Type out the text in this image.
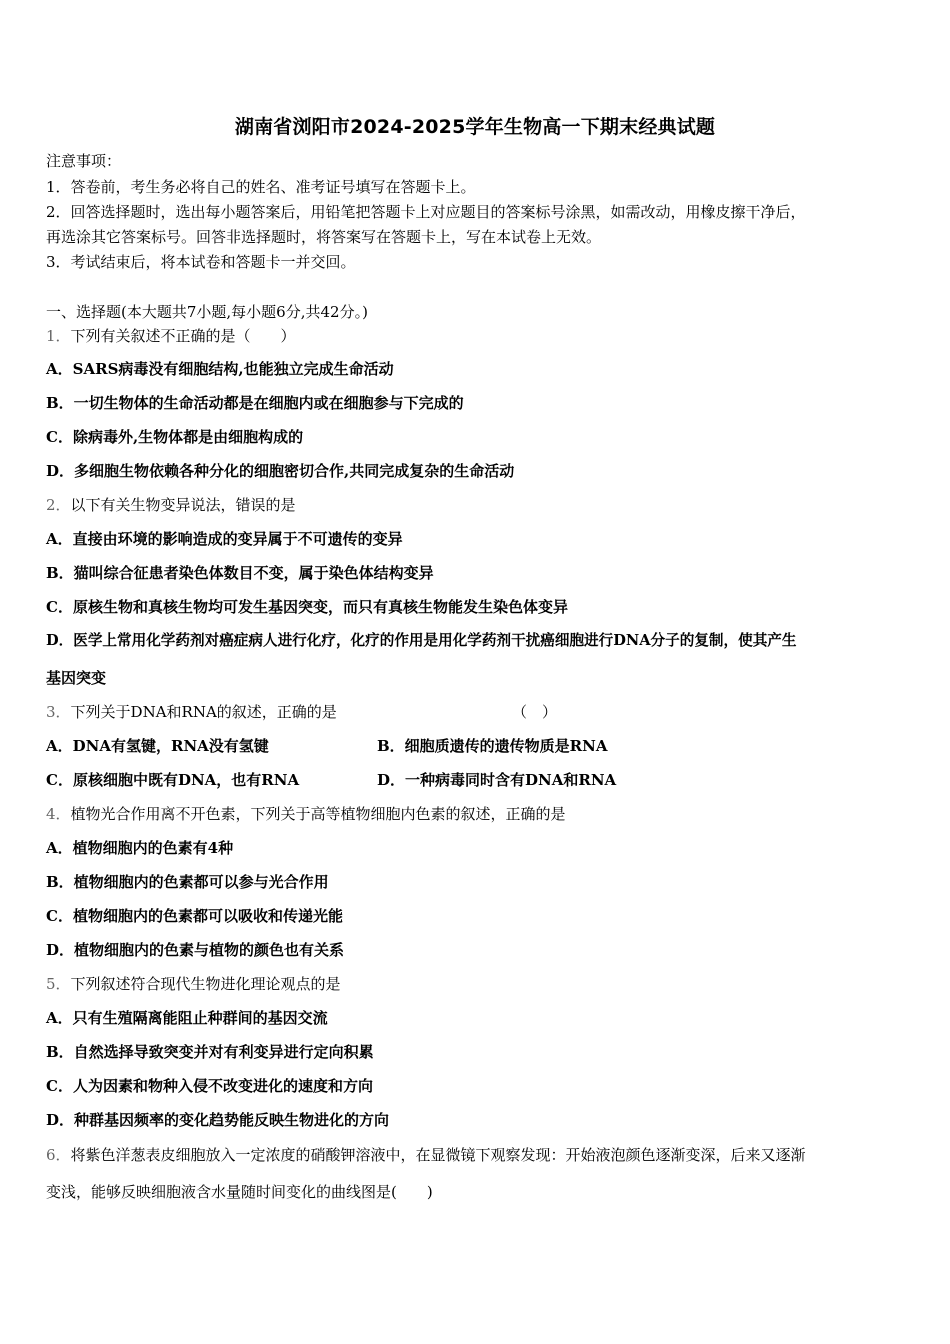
湖南省浏阳市2024-2025学年生物高一下期末经典试题
注意事项：
1．答卷前，考生务必将自己的姓名、准考证号填写在答题卡上。
2．回答选择题时，选出每小题答案后，用铅笔把答题卡上对应题目的答案标号涂黑，如需改动，用橡皮擦干净后，
再选涂其它答案标号。回答非选择题时，将答案写在答题卡上，写在本试卷上无效。
3．考试结束后，将本试卷和答题卡一并交回。
一、选择题(本大题共7小题,每小题6分,共42分。)
1．下列有关叙述不正确的是（　　）
A．SARS病毒没有细胞结构,也能独立完成生命活动
B．一切生物体的生命活动都是在细胞内或在细胞参与下完成的
C．除病毒外,生物体都是由细胞构成的
D．多细胞生物依赖各种分化的细胞密切合作,共同完成复杂的生命活动
2．以下有关生物变异说法，错误的是
A．直接由环境的影响造成的变异属于不可遗传的变异
B．猫叫综合征患者染色体数目不变，属于染色体结构变异
C．原核生物和真核生物均可发生基因突变，而只有真核生物能发生染色体变异
D．医学上常用化学药剂对癌症病人进行化疗，化疗的作用是用化学药剂干扰癌细胞进行DNA分子的复制，使其产生
基因突变
3．下列关于DNA和RNA的叙述，正确的是	（　）
A．DNA有氢键，RNA没有氢键	B．细胞质遗传的遗传物质是RNA
C．原核细胞中既有DNA，也有RNA	D．一种病毒同时含有DNA和RNA
4．植物光合作用离不开色素，下列关于高等植物细胞内色素的叙述，正确的是
A．植物细胞内的色素有4种
B．植物细胞内的色素都可以参与光合作用
C．植物细胞内的色素都可以吸收和传递光能
D．植物细胞内的色素与植物的颜色也有关系
5．下列叙述符合现代生物进化理论观点的是
A．只有生殖隔离能阻止种群间的基因交流
B．自然选择导致突变并对有利变异进行定向积累
C．人为因素和物种入侵不改变进化的速度和方向
D．种群基因频率的变化趋势能反映生物进化的方向
6．将紫色洋葱表皮细胞放入一定浓度的硝酸钾溶液中，在显微镜下观察发现：开始液泡颜色逐渐变深，后来又逐渐
变浅，能够反映细胞液含水量随时间变化的曲线图是(　　)
